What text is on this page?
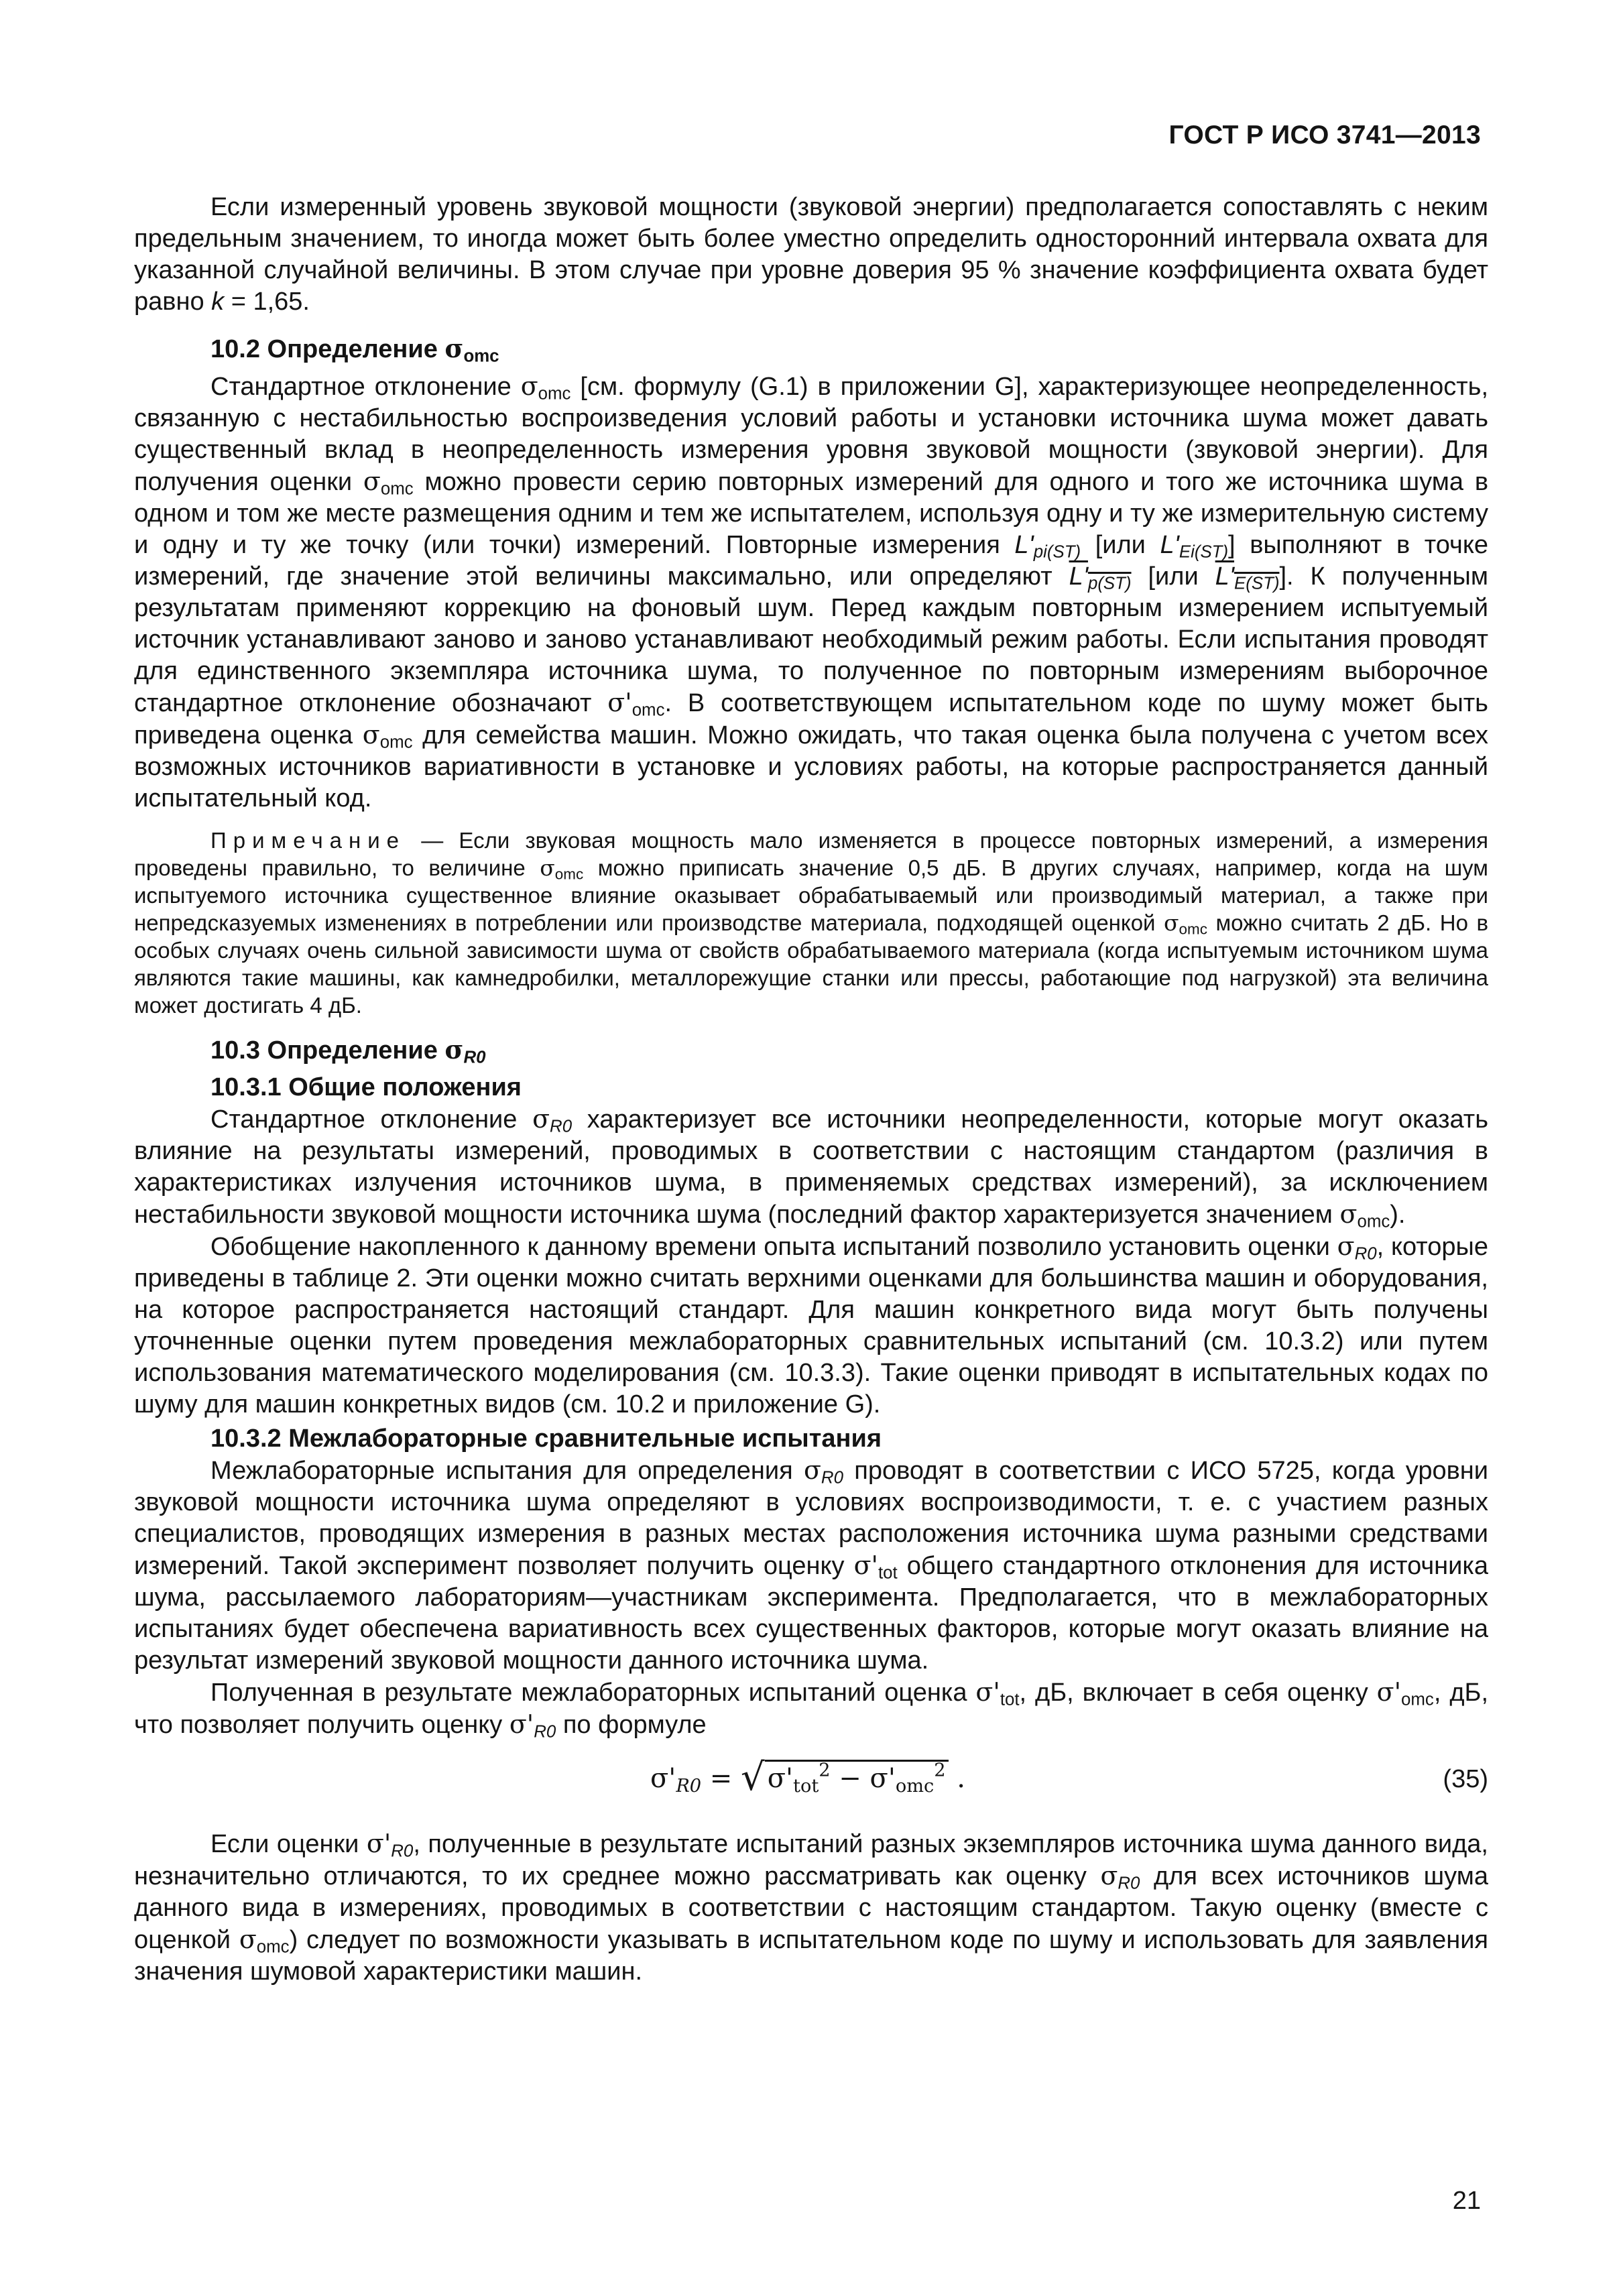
ГОСТ Р ИСО 3741—2013

Если измеренный уровень звуковой мощности (звуковой энергии) предполагается сопоставлять с неким предельным значением, то иногда может быть более уместно определить односторонний интервала охвата для указанной случайной величины. В этом случае при уровне доверия 95 % значение коэффициента охвата будет равно k = 1,65.

10.2 Определение $\sigma_{omc}$

Стандартное отклонение $\sigma_{omc}$ [см. формулу (G.1) в приложении G], характеризующее неопределенность, связанную с нестабильностью воспроизведения условий работы и установки источника шума может давать существенный вклад в неопределенность измерения уровня звуковой мощности (звуковой энергии). Для получения оценки $\sigma_{omc}$ можно провести серию повторных измерений для одного и того же источника шума в одном и том же месте размещения одним и тем же испытателем, используя одну и ту же измерительную систему и одну и ту же точку (или точки) измерений. Повторные измерения $L'_{pi(ST)}$ [или $L'_{Ei(ST)}$] выполняют в точке измерений, где значение этой величины максимально, или определяют $L'_{p(ST)}$ [или $L'_{E(ST)}$]. К полученным результатам применяют коррекцию на фоновый шум. Перед каждым повторным измерением испытуемый источник устанавливают заново и заново устанавливают необходимый режим работы. Если испытания проводят для единственного экземпляра источника шума, то полученное по повторным измерениям выборочное стандартное отклонение обозначают $\sigma'_{omc}$. В соответствующем испытательном коде по шуму может быть приведена оценка $\sigma_{omc}$ для семейства машин. Можно ожидать, что такая оценка была получена с учетом всех возможных источников вариативности в установке и условиях работы, на которые распространяется данный испытательный код.

Примечание — Если звуковая мощность мало изменяется в процессе повторных измерений, а измерения проведены правильно, то величине $\sigma_{omc}$ можно приписать значение 0,5 дБ. В других случаях, например, когда на шум испытуемого источника существенное влияние оказывает обрабатываемый или производимый материал, а также при непредсказуемых изменениях в потреблении или производстве материала, подходящей оценкой $\sigma_{omc}$ можно считать 2 дБ. Но в особых случаях очень сильной зависимости шума от свойств обрабатываемого материала (когда испытуемым источником шума являются такие машины, как камнедробилки, металлорежущие станки или прессы, работающие под нагрузкой) эта величина может достигать 4 дБ.

10.3 Определение $\sigma_{R0}$
10.3.1 Общие положения

Стандартное отклонение $\sigma_{R0}$ характеризует все источники неопределенности, которые могут оказать влияние на результаты измерений, проводимых в соответствии с настоящим стандартом (различия в характеристиках излучения источников шума, в применяемых средствах измерений), за исключением нестабильности звуковой мощности источника шума (последний фактор характеризуется значением $\sigma_{omc}$).

Обобщение накопленного к данному времени опыта испытаний позволило установить оценки $\sigma_{R0}$, которые приведены в таблице 2. Эти оценки можно считать верхними оценками для большинства машин и оборудования, на которое распространяется настоящий стандарт. Для машин конкретного вида могут быть получены уточненные оценки путем проведения межлабораторных сравнительных испытаний (см. 10.3.2) или путем использования математического моделирования (см. 10.3.3). Такие оценки приводят в испытательных кодах по шуму для машин конкретных видов (см. 10.2 и приложение G).

10.3.2 Межлабораторные сравнительные испытания

Межлабораторные испытания для определения $\sigma_{R0}$ проводят в соответствии с ИСО 5725, когда уровни звуковой мощности источника шума определяют в условиях воспроизводимости, т. е. с участием разных специалистов, проводящих измерения в разных местах расположения источника шума разными средствами измерений. Такой эксперимент позволяет получить оценку $\sigma'_{tot}$ общего стандартного отклонения для источника шума, рассылаемого лабораториям—участникам эксперимента. Предполагается, что в межлабораторных испытаниях будет обеспечена вариативность всех существенных факторов, которые могут оказать влияние на результат измерений звуковой мощности данного источника шума.

Полученная в результате межлабораторных испытаний оценка $\sigma'_{tot}$, дБ, включает в себя оценку $\sigma'_{omc}$, дБ, что позволяет получить оценку $\sigma'_{R0}$ по формуле

$\sigma'_{R0}$ = √ $\sigma'_{tot}^2 - \sigma'_{omc}^2$ .	(35)

Если оценки $\sigma'_{R0}$, полученные в результате испытаний разных экземпляров источника шума данного вида, незначительно отличаются, то их среднее можно рассматривать как оценку $\sigma_{R0}$ для всех источников шума данного вида в измерениях, проводимых в соответствии с настоящим стандартом. Такую оценку (вместе с оценкой $\sigma_{omc}$) следует по возможности указывать в испытательном коде по шуму и использовать для заявления значения шумовой характеристики машин.

21
